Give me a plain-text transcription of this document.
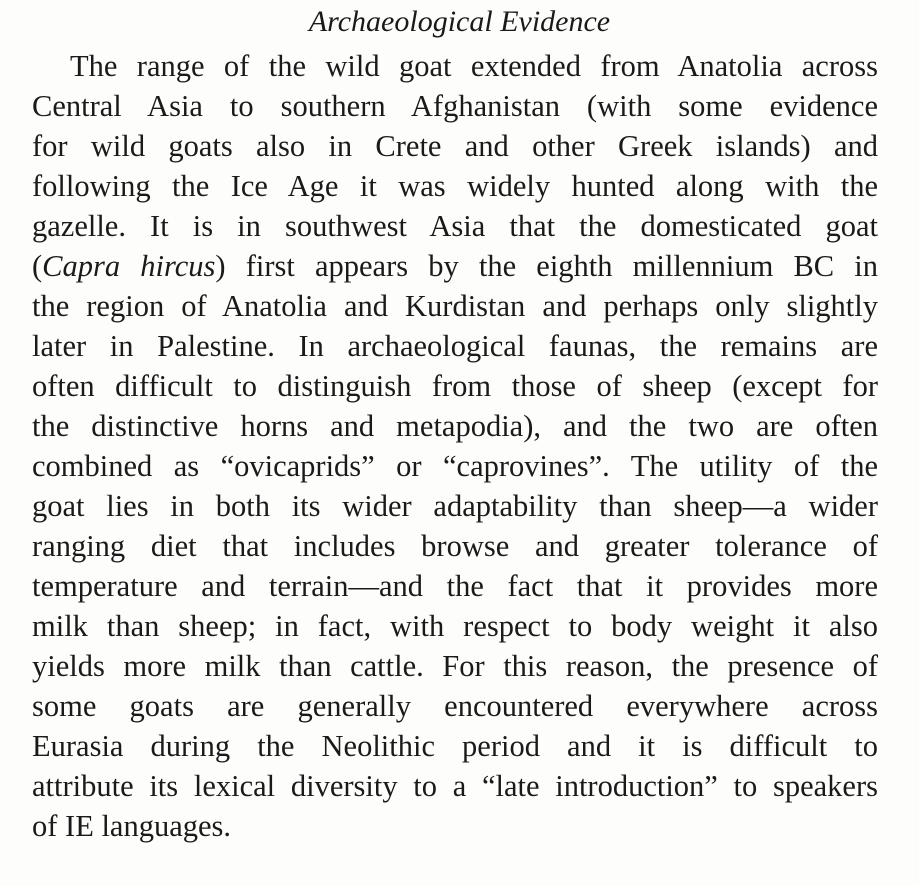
Archaeological Evidence
The range of the wild goat extended from Anatolia across
Central Asia to southern Afghanistan (with some evidence
for wild goats also in Crete and other Greek islands) and
following the Ice Age it was widely hunted along with the
gazelle. It is in southwest Asia that the domesticated goat
(Capra hircus) first appears by the eighth millennium BC in
the region of Anatolia and Kurdistan and perhaps only slightly
later in Palestine. In archaeological faunas, the remains are
often difficult to distinguish from those of sheep (except for
the distinctive horns and metapodia), and the two are often
combined as “ovicaprids” or “caprovines”. The utility of the
goat lies in both its wider adaptability than sheep—a wider
ranging diet that includes browse and greater tolerance of
temperature and terrain—and the fact that it provides more
milk than sheep; in fact, with respect to body weight it also
yields more milk than cattle. For this reason, the presence of
some goats are generally encountered everywhere across
Eurasia during the Neolithic period and it is difficult to
attribute its lexical diversity to a “late introduction” to speakers
of IE languages.
